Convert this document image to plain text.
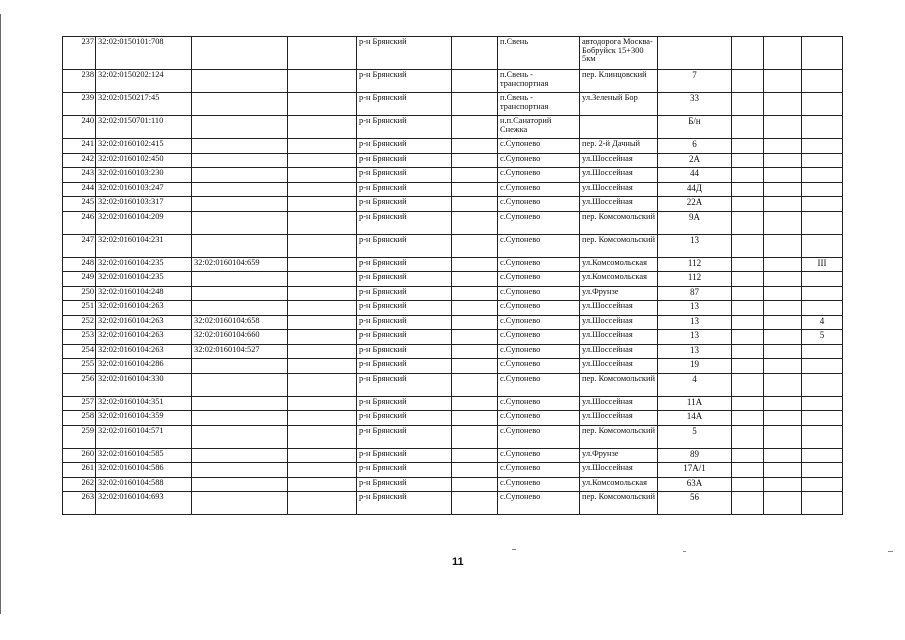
237	32:02:0150101:708			р-н Брянский		п.Свень	автодорога Москва-Бобруйск 15+300 5км				
238	32:02:0150202:124			р-н Брянский		п.Свень - транспортная	пер. Клинцовский	7			
239	32:02:0150217:45			р-н Брянский		п.Свень - транспортная	ул.Зеленый Бор	33			
240	32:02:0150701:110			р-н Брянский		н.п.Санаторий Снежка		Б/н			
241	32:02:0160102:415			р-н Брянский		с.Супонево	пер. 2-й Дачный	6			
242	32:02:0160102:450			р-н Брянский		с.Супонево	ул.Шоссейная	2А			
243	32:02:0160103:230			р-н Брянский		с.Супонево	ул.Шоссейная	44			
244	32:02:0160103:247			р-н Брянский		с.Супонево	ул.Шоссейная	44Д			
245	32:02:0160103:317			р-н Брянский		с.Супонево	ул.Шоссейная	22А			
246	32:02:0160104:209			р-н Брянский		с.Супонево	пер. Комсомольский	9А			
247	32:02:0160104:231			р-н Брянский		с.Супонево	пер. Комсомольский	13			
248	32:02:0160104:235	32:02:0160104:659		р-н Брянский		с.Супонево	ул.Комсомольская	112			III
249	32:02:0160104:235			р-н Брянский		с.Супонево	ул.Комсомольская	112			
250	32:02:0160104:248			р-н Брянский		с.Супонево	ул.Фрунзе	87			
251	32:02:0160104:263			р-н Брянский		с.Супонево	ул.Шоссейная	13			
252	32:02:0160104:263	32:02:0160104:658		р-н Брянский		с.Супонево	ул.Шоссейная	13			4
253	32:02:0160104:263	32:02:0160104:660		р-н Брянский		с.Супонево	ул.Шоссейная	13			5
254	32:02:0160104:263	32:02:0160104:527		р-н Брянский		с.Супонево	ул.Шоссейная	13			
255	32:02:0160104:286			р-н Брянский		с.Супонево	ул.Шоссейная	19			
256	32:02:0160104:330			р-н Брянский		с.Супонево	пер. Комсомольский	4			
257	32:02:0160104:351			р-н Брянский		с.Супонево	ул.Шоссейная	11А			
258	32:02:0160104:359			р-н Брянский		с.Супонево	ул.Шоссейная	14А			
259	32:02:0160104:571			р-н Брянский		с.Супонево	пер. Комсомольский	5			
260	32:02:0160104:585			р-н Брянский		с.Супонево	ул.Фрунзе	89			
261	32:02:0160104:586			р-н Брянский		с.Супонево	ул.Шоссейная	17А/1			
262	32:02:0160104:588			р-н Брянский		с.Супонево	ул.Комсомольская	63А			
263	32:02:0160104:693			р-н Брянский		с.Супонево	пер. Комсомольский	56			
11
